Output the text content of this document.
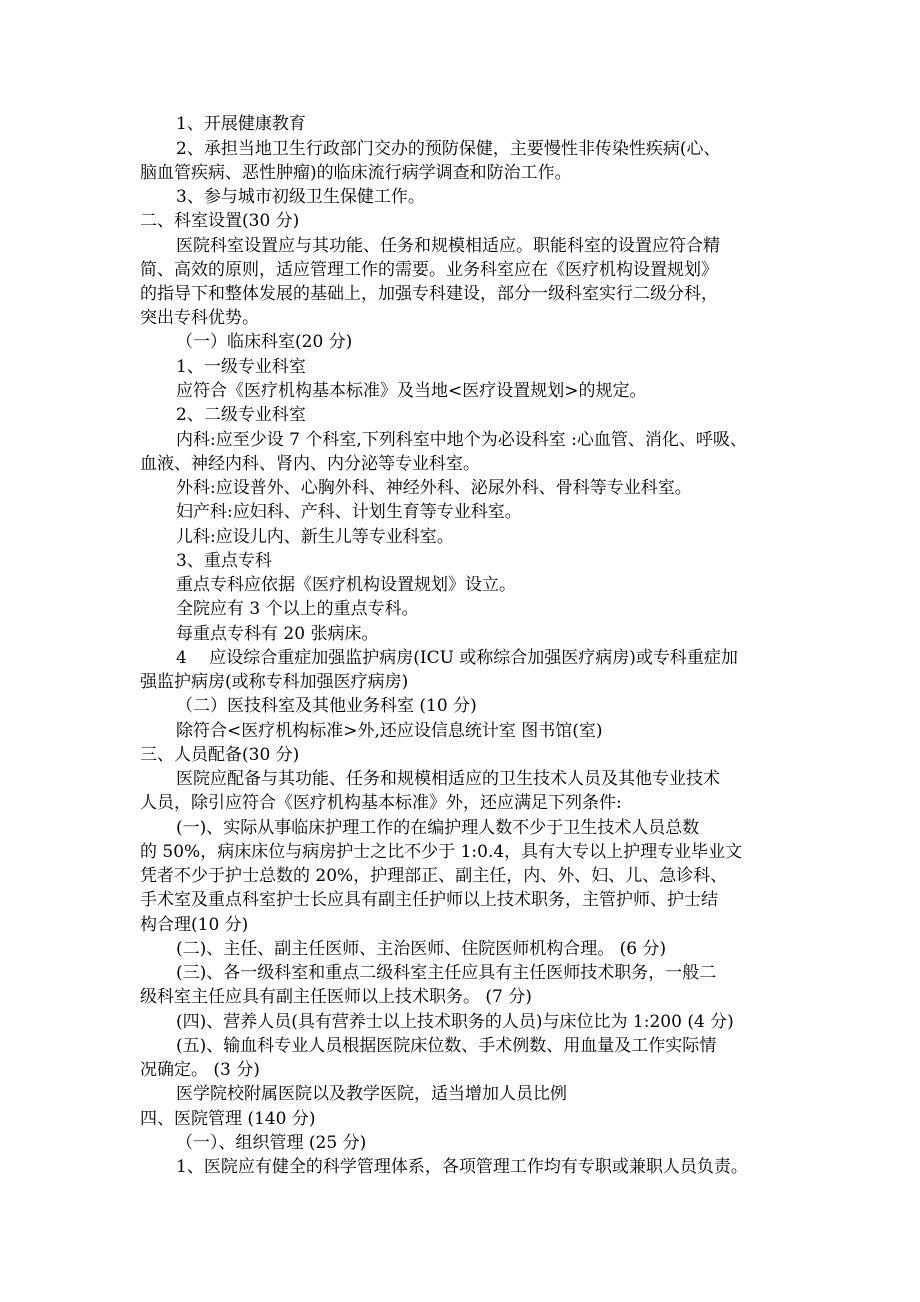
1、开展健康教育
2、承担当地卫生行政部门交办的预防保健，主要慢性非传染性疾病(心、
脑血管疾病、恶性肿瘤)的临床流行病学调查和防治工作。
3、参与城市初级卫生保健工作。
二、科室设置(30 分)
医院科室设置应与其功能、任务和规模相适应。职能科室的设置应符合精
简、高效的原则，适应管理工作的需要。业务科室应在《医疗机构设置规划》
的指导下和整体发展的基础上，加强专科建设，部分一级科室实行二级分科，
突出专科优势。
（一）临床科室(20 分)
1、一级专业科室
应符合《医疗机构基本标准》及当地<医疗设置规划>的规定。
2、二级专业科室
内科:应至少设 7 个科室,下列科室中地个为必设科室 :心血管、消化、呼吸、
血液、神经内科、肾内、内分泌等专业科室。
外科:应设普外、心胸外科、神经外科、泌尿外科、骨科等专业科室。
妇产科:应妇科、产科、计划生育等专业科室。
儿科:应设儿内、新生儿等专业科室。
3、重点专科
重点专科应依据《医疗机构设置规划》设立。
全院应有 3 个以上的重点专科。
每重点专科有 20 张病床。
4　 应设综合重症加强监护病房(ICU 或称综合加强医疗病房)或专科重症加
强监护病房(或称专科加强医疗病房)
（二）医技科室及其他业务科室 (10 分)
除符合<医疗机构标准>外,还应设信息统计室 图书馆(室)
三、人员配备(30 分)
医院应配备与其功能、任务和规模相适应的卫生技术人员及其他专业技术
人员，除引应符合《医疗机构基本标准》外，还应满足下列条件:
(一)、实际从事临床护理工作的在编护理人数不少于卫生技术人员总数
的 50%，病床床位与病房护士之比不少于 1:0.4，具有大专以上护理专业毕业文
凭者不少于护士总数的 20%，护理部正、副主任，内、外、妇、儿、急诊科、
手术室及重点科室护士长应具有副主任护师以上技术职务，主管护师、护士结
构合理(10 分)
(二)、主任、副主任医师、主治医师、住院医师机构合理。 (6 分)
(三)、各一级科室和重点二级科室主任应具有主任医师技术职务，一般二
级科室主任应具有副主任医师以上技术职务。 (7 分)
(四)、营养人员(具有营养士以上技术职务的人员)与床位比为 1:200 (4 分)
(五)、输血科专业人员根据医院床位数、手术例数、用血量及工作实际情
况确定。 (3 分)
医学院校附属医院以及教学医院，适当增加人员比例
四、医院管理 (140 分)
（一）、组织管理 (25 分)
1、医院应有健全的科学管理体系，各项管理工作均有专职或兼职人员负责。
